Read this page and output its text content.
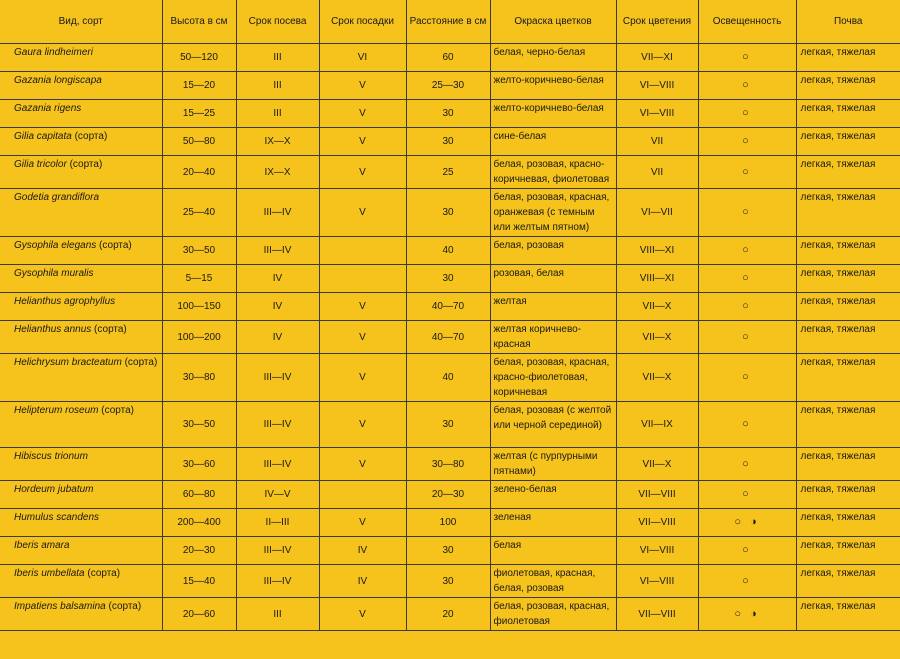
Вид, сорт	Высота в см	Срок посева	Срок посадки	Расстояние в см	Окраска цветков	Срок цветения	Освещенность	Почва
Gaura lindheimeri	50—120	III	VI	60	белая, черно-белая	VII—XI	○	легкая, тяжелая
Gazania longiscapa	15—20	III	V	25—30	желто-коричнево-белая	VI—VIII	○	легкая, тяжелая
Gazania rigens	15—25	III	V	30	желто-коричнево-белая	VI—VIII	○	легкая, тяжелая
Gilia capitata (сорта)	50—80	IX—X	V	30	сине-белая	VII	○	легкая, тяжелая
Gilia tricolor (сорта)	20—40	IX—X	V	25	белая, розовая, красно-коричневая, фиолетовая	VII	○	легкая, тяжелая
Godetia grandiflora	25—40	III—IV	V	30	белая, розовая, красная, оранжевая (с темным или желтым пятном)	VI—VII	○	легкая, тяжелая
Gysophila elegans (сорта)	30—50	III—IV		40	белая, розовая	VIII—XI	○	легкая, тяжелая
Gysophila muralis	5—15	IV		30	розовая, белая	VIII—XI	○	легкая, тяжелая
Helianthus agrophyllus	100—150	IV	V	40—70	желтая	VII—X	○	легкая, тяжелая
Helianthus annus (сорта)	100—200	IV	V	40—70	желтая коричнево-красная	VII—X	○	легкая, тяжелая
Helichrysum bracteatum (сорта)	30—80	III—IV	V	40	белая, розовая, красная, красно-фиолетовая, коричневая	VII—X	○	легкая, тяжелая
Helipterum roseum (сорта)	30—50	III—IV	V	30	белая, розовая (с желтой или черной серединой)	VII—IX	○	легкая, тяжелая
Hibiscus trionum	30—60	III—IV	V	30—80	желтая (с пурпурными пятнами)	VII—X	○	легкая, тяжелая
Hordeum jubatum	60—80	IV—V		20—30	зелено-белая	VII—VIII	○	легкая, тяжелая
Humulus scandens	200—400	II—III	V	100	зеленая	VII—VIII	○ ◑	легкая, тяжелая
Iberis amara	20—30	III—IV	IV	30	белая	VI—VIII	○	легкая, тяжелая
Iberis umbellata (сорта)	15—40	III—IV	IV	30	фиолетовая, красная, белая, розовая	VI—VIII	○	легкая, тяжелая
Impatiens balsamina (сорта)	20—60	III	V	20	белая, розовая, красная, фиолетовая	VII—VIII	○ ◑	легкая, тяжелая
